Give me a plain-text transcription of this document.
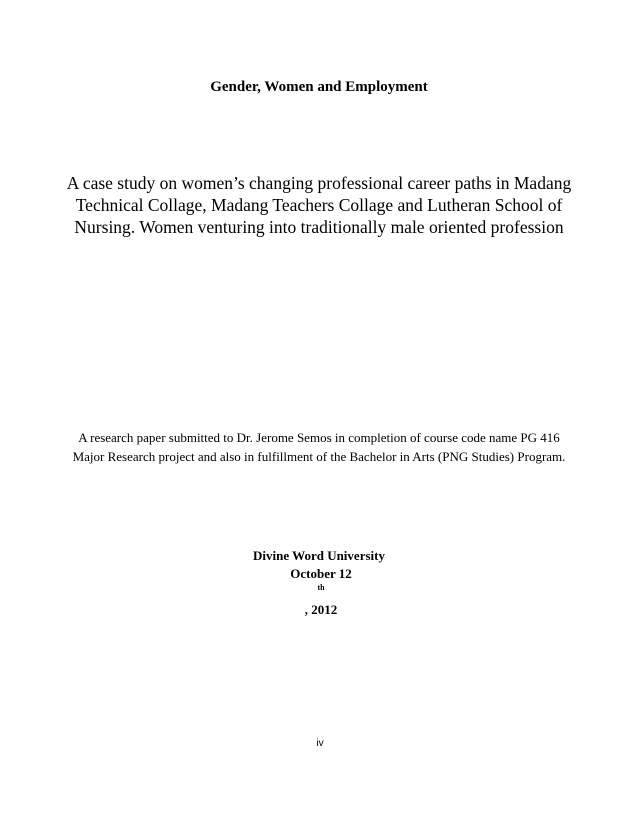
Gender, Women and Employment
A case study on women’s changing professional career paths in Madang
Technical Collage, Madang Teachers Collage and Lutheran School of
Nursing. Women venturing into traditionally male oriented profession
A research paper submitted to Dr. Jerome Semos in completion of course code name PG 416
Major Research project and also in fulfillment of the Bachelor in Arts (PNG Studies) Program.
Divine Word University
October 12
$^{th}$
, 2012
iv
